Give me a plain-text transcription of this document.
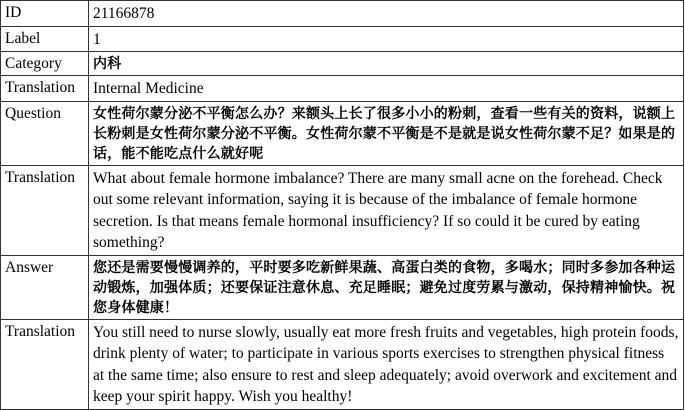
ID	21166878
Label	1
Category	内科
Translation	Internal Medicine
Question	女性荷尔蒙分泌不平衡怎么办？来额头上长了很多小小的粉刺，查看一些有关的资料，说额上长粉刺是女性荷尔蒙分泌不平衡。女性荷尔蒙不平衡是不是就是说女性荷尔蒙不足？如果是的话，能不能吃点什么就好呢
Translation	What about female hormone imbalance? There are many small acne on the forehead. Check out some relevant information, saying it is because of the imbalance of female hormone secretion. Is that means female hormonal insufficiency? If so could it be cured by eating something?
Answer	您还是需要慢慢调养的，平时要多吃新鲜果蔬、高蛋白类的食物，多喝水；同时多参加各种运动锻炼，加强体质；还要保证注意休息、充足睡眠；避免过度劳累与激动，保持精神愉快。祝您身体健康！
Translation	You still need to nurse slowly, usually eat more fresh fruits and vegetables, high protein foods, drink plenty of water; to participate in various sports exercises to strengthen physical fitness at the same time; also ensure to rest and sleep adequately; avoid overwork and excitement and keep your spirit happy. Wish you healthy!
